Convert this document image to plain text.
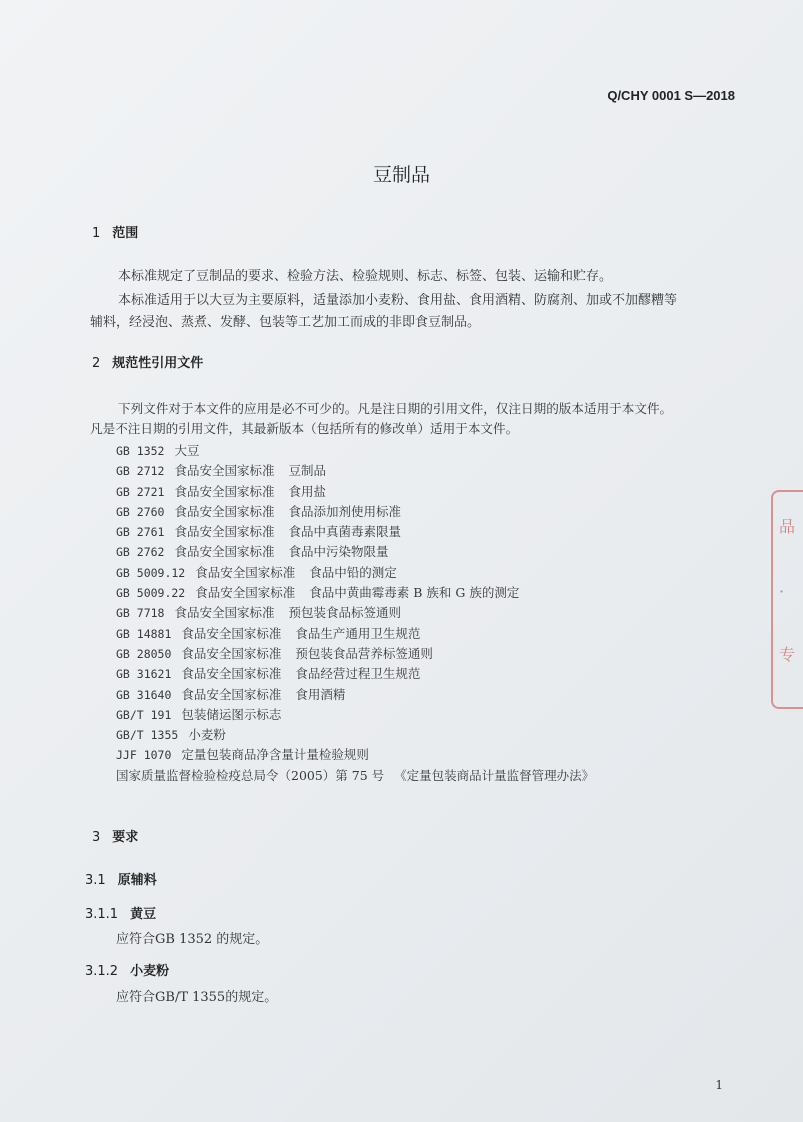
Q/CHY 0001 S—2018
豆制品
1 范围
本标准规定了豆制品的要求、检验方法、检验规则、标志、标签、包装、运输和贮存。
本标准适用于以大豆为主要原料，适量添加小麦粉、食用盐、食用酒精、防腐剂、加或不加醪糟等
辅料，经浸泡、蒸煮、发酵、包装等工艺加工而成的非即食豆制品。
2 规范性引用文件
下列文件对于本文件的应用是必不可少的。凡是注日期的引用文件，仅注日期的版本适用于本文件。
凡是不注日期的引用文件，其最新版本（包括所有的修改单）适用于本文件。
GB 1352 大豆
GB 2712 食品安全国家标准 豆制品
GB 2721 食品安全国家标准 食用盐
GB 2760 食品安全国家标准 食品添加剂使用标准
GB 2761 食品安全国家标准 食品中真菌毒素限量
GB 2762 食品安全国家标准 食品中污染物限量
GB 5009.12 食品安全国家标准 食品中铅的测定
GB 5009.22 食品安全国家标准 食品中黄曲霉毒素 B 族和 G 族的测定
GB 7718 食品安全国家标准 预包装食品标签通则
GB 14881 食品安全国家标准 食品生产通用卫生规范
GB 28050 食品安全国家标准 预包装食品营养标签通则
GB 31621 食品安全国家标准 食品经营过程卫生规范
GB 31640 食品安全国家标准 食用酒精
GB/T 191 包装储运图示标志
GB/T 1355 小麦粉
JJF 1070 定量包装商品净含量计量检验规则
国家质量监督检验检疫总局令（2005）第 75 号 《定量包装商品计量监督管理办法》
3 要求
3.1 原辅料
3.1.1 黄豆
应符合GB 1352 的规定。
3.1.2 小麦粉
应符合GB/T 1355的规定。
1
品
·
专
